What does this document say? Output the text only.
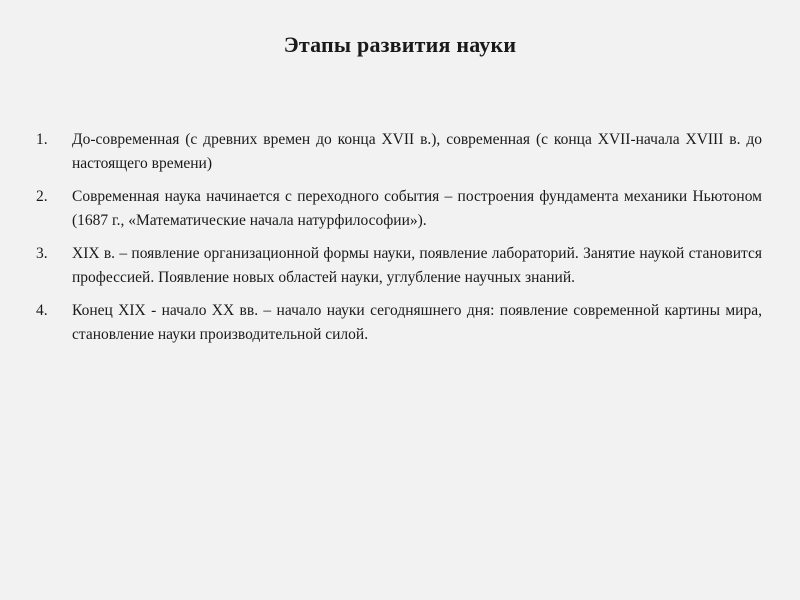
Этапы развития науки
1. До-современная (с древних времен до конца XVII в.), современная (с конца XVII-начала XVIII в. до настоящего времени)
2. Современная наука начинается с переходного события – построения фундамента механики Ньютоном (1687 г., «Математические начала натурфилософии»).
3. XIX в. – появление организационной формы науки, появление лабораторий. Занятие наукой становится профессией. Появление новых областей науки, углубление научных знаний.
4. Конец XIX - начало XX вв. – начало науки сегодняшнего дня: появление современной картины мира, становление науки производительной силой.
